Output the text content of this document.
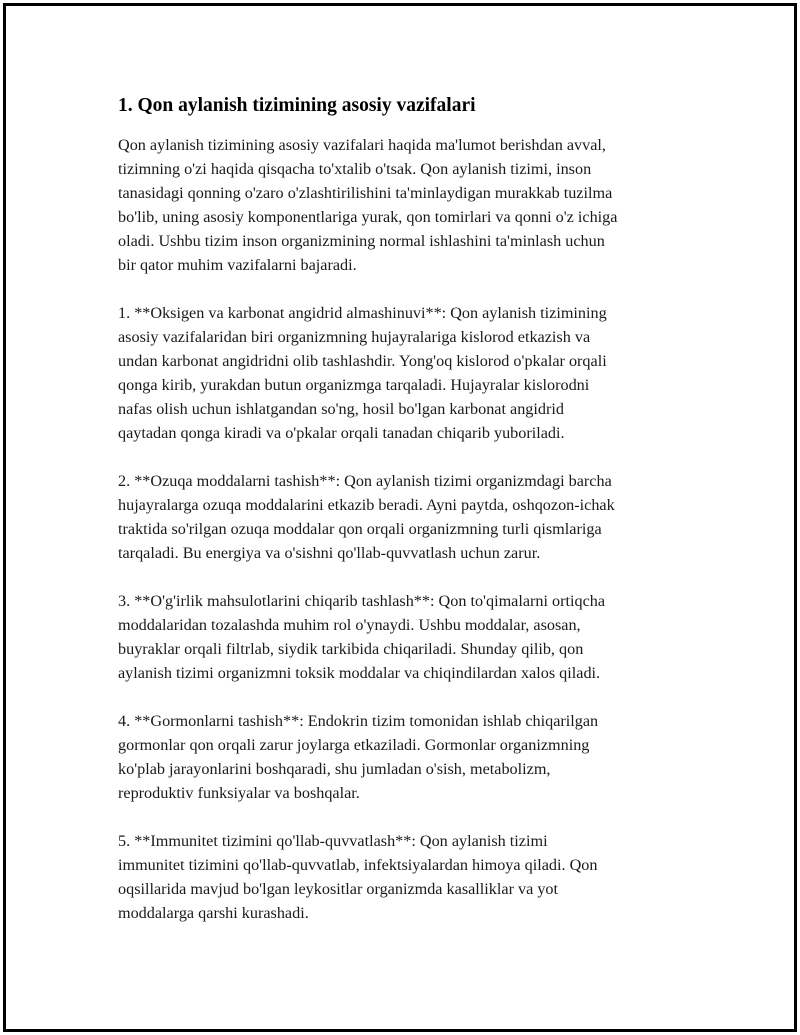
1. Qon aylanish tizimining asosiy vazifalari

Qon aylanish tizimining asosiy vazifalari haqida ma'lumot berishdan avval,
tizimning o'zi haqida qisqacha to'xtalib o'tsak. Qon aylanish tizimi, inson
tanasidagi qonning o'zaro o'zlashtirilishini ta'minlaydigan murakkab tuzilma
bo'lib, uning asosiy komponentlariga yurak, qon tomirlari va qonni o'z ichiga
oladi. Ushbu tizim inson organizmining normal ishlashini ta'minlash uchun
bir qator muhim vazifalarni bajaradi.

1. **Oksigen va karbonat angidrid almashinuvi**: Qon aylanish tizimining
asosiy vazifalaridan biri organizmning hujayralariga kislorod etkazish va
undan karbonat angidridni olib tashlashdir. Yong'oq kislorod o'pkalar orqali
qonga kirib, yurakdan butun organizmga tarqaladi. Hujayralar kislorodni
nafas olish uchun ishlatgandan so'ng, hosil bo'lgan karbonat angidrid
qaytadan qonga kiradi va o'pkalar orqali tanadan chiqarib yuboriladi.

2. **Ozuqa moddalarni tashish**: Qon aylanish tizimi organizmdagi barcha
hujayralarga ozuqa moddalarini etkazib beradi. Ayni paytda, oshqozon-ichak
traktida so'rilgan ozuqa moddalar qon orqali organizmning turli qismlariga
tarqaladi. Bu energiya va o'sishni qo'llab-quvvatlash uchun zarur.

3. **O'g'irlik mahsulotlarini chiqarib tashlash**: Qon to'qimalarni ortiqcha
moddalaridan tozalashda muhim rol o'ynaydi. Ushbu moddalar, asosan,
buyraklar orqali filtrlab, siydik tarkibida chiqariladi. Shunday qilib, qon
aylanish tizimi organizmni toksik moddalar va chiqindilardan xalos qiladi.

4. **Gormonlarni tashish**: Endokrin tizim tomonidan ishlab chiqarilgan
gormonlar qon orqali zarur joylarga etkaziladi. Gormonlar organizmning
ko'plab jarayonlarini boshqaradi, shu jumladan o'sish, metabolizm,
reproduktiv funksiyalar va boshqalar.

5. **Immunitet tizimini qo'llab-quvvatlash**: Qon aylanish tizimi
immunitet tizimini qo'llab-quvvatlab, infektsiyalardan himoya qiladi. Qon
oqsillarida mavjud bo'lgan leykositlar organizmda kasalliklar va yot
moddalarga qarshi kurashadi.
